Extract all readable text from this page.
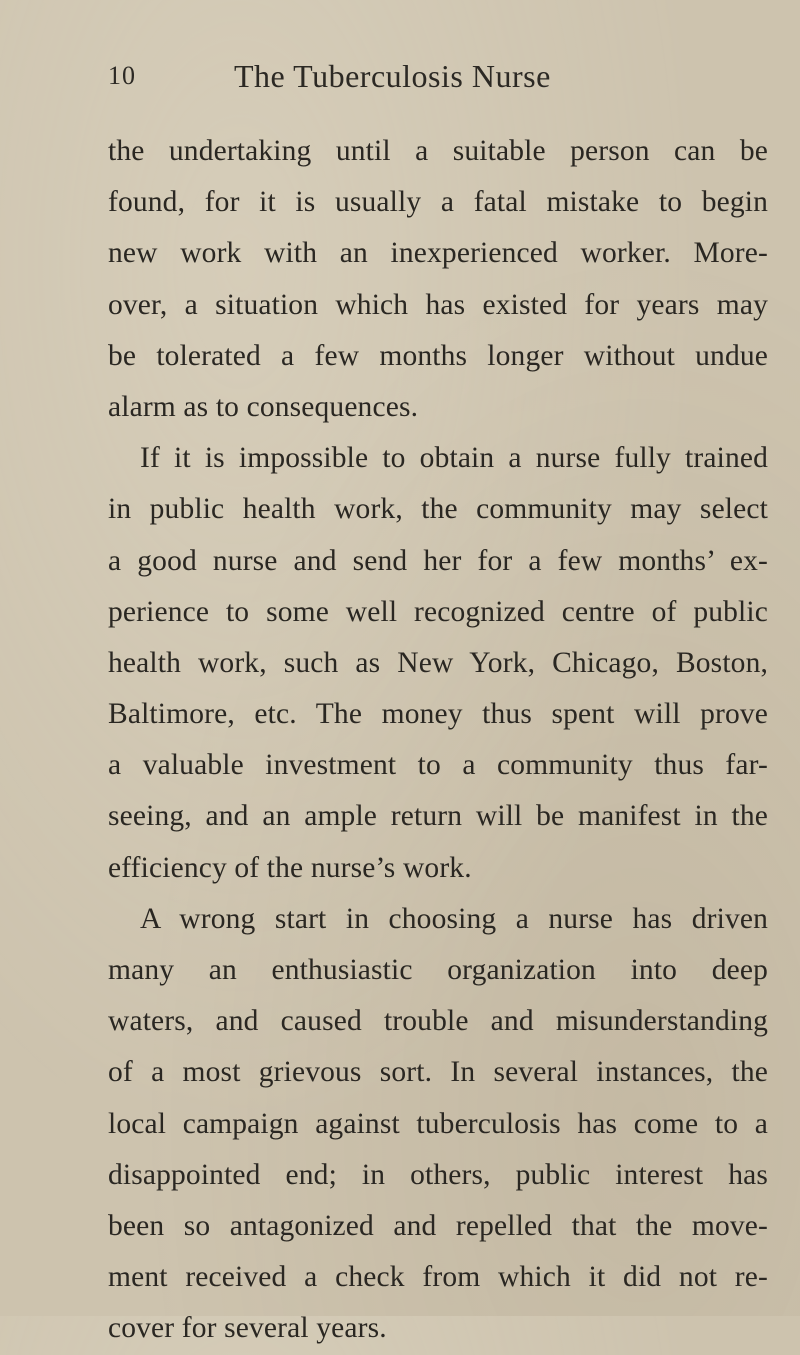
10	The Tuberculosis Nurse
the undertaking until a suitable person can be
found, for it is usually a fatal mistake to begin
new work with an inexperienced worker. More-
over, a situation which has existed for years may
be tolerated a few months longer without undue
alarm as to consequences.
If it is impossible to obtain a nurse fully trained
in public health work, the community may select
a good nurse and send her for a few months’ ex-
perience to some well recognized centre of public
health work, such as New York, Chicago, Boston,
Baltimore, etc. The money thus spent will prove
a valuable investment to a community thus far-
seeing, and an ample return will be manifest in the
efficiency of the nurse’s work.
A wrong start in choosing a nurse has driven
many an enthusiastic organization into deep
waters, and caused trouble and misunderstanding
of a most grievous sort. In several instances, the
local campaign against tuberculosis has come to a
disappointed end; in others, public interest has
been so antagonized and repelled that the move-
ment received a check from which it did not re-
cover for several years.
